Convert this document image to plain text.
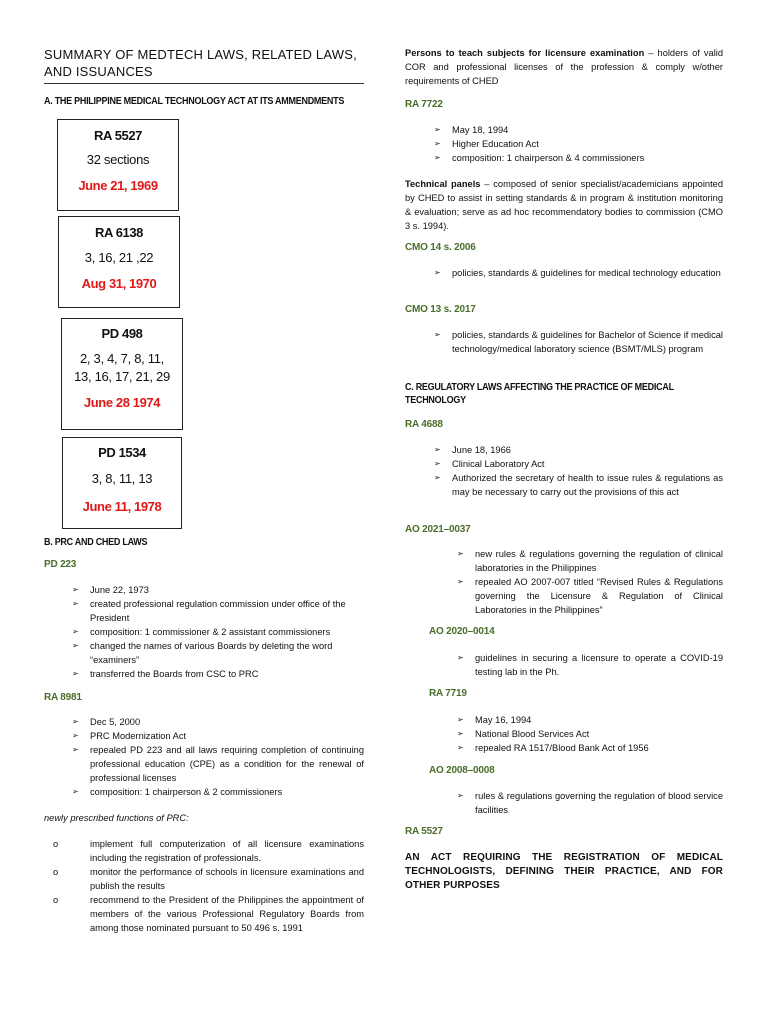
SUMMARY OF MEDTECH LAWS, RELATED LAWS, AND ISSUANCES
A. THE PHILIPPINE MEDICAL TECHNOLOGY ACT AT ITS AMMENDMENTS
RA 5527
32 sections
June 21, 1969
RA 6138
3, 16, 21 ,22
Aug 31, 1970
PD 498
2, 3, 4, 7, 8, 11, 13, 16, 17, 21, 29
June 28 1974
PD 1534
3, 8, 11, 13
June 11, 1978
B. PRC AND CHED LAWS
PD 223
➢ June 22, 1973
➢ created professional regulation commission under office of the President
➢ composition: 1 commissioner & 2 assistant commissioners
➢ changed the names of various Boards by deleting the word “examiners”
➢ transferred the Boards from CSC to PRC
RA 8981
➢ Dec 5, 2000
➢ PRC Modernization Act
➢ repealed PD 223 and all laws requiring completion of continuing professional education (CPE) as a condition for the renewal of professional licenses
➢ composition: 1 chairperson & 2 commissioners
newly prescribed functions of PRC:
o	implement full computerization of all licensure examinations including the registration of professionals.
o	monitor the performance of schools in licensure examinations and publish the results
o	recommend to the President of the Philippines the appointment of members of the various Professional Regulatory Boards from among those nominated pursuant to 50 496 s. 1991
Persons to teach subjects for licensure examination – holders of valid COR and professional licenses of the profession & comply w/other requirements of CHED
RA 7722
➢ May 18, 1994
➢ Higher Education Act
➢ composition: 1 chairperson & 4 commissioners
Technical panels – composed of senior specialist/academicians appointed by CHED to assist in setting standards & in program & institution monitoring & evaluation; serve as ad hoc recommendatory bodies to commission (CMO 3 s. 1994).
CMO 14 s. 2006
➢ policies, standards & guidelines for medical technology education
CMO 13 s. 2017
➢ policies, standards & guidelines for Bachelor of Science if medical technology/medical laboratory science (BSMT/MLS) program
C. REGULATORY LAWS AFFECTING THE PRACTICE OF MEDICAL TECHNOLOGY
RA 4688
➢ June 18, 1966
➢ Clinical Laboratory Act
➢ Authorized the secretary of health to issue rules & regulations as may be necessary to carry out the provisions of this act
AO 2021–0037
➢ new rules & regulations governing the regulation of clinical laboratories in the Philippines
➢ repealed AO 2007-007 titled “Revised Rules & Regulations governing the Licensure & Regulation of Clinical Laboratories in the Philippines”
AO 2020–0014
➢ guidelines in securing a licensure to operate a COVID-19 testing lab in the Ph.
RA 7719
➢ May 16, 1994
➢ National Blood Services Act
➢ repealed RA 1517/Blood Bank Act of 1956
AO 2008–0008
➢ rules & regulations governing the regulation of blood service facilities
RA 5527
AN ACT REQUIRING THE REGISTRATION OF MEDICAL TECHNOLOGISTS, DEFINING THEIR PRACTICE, AND FOR OTHER PURPOSES
